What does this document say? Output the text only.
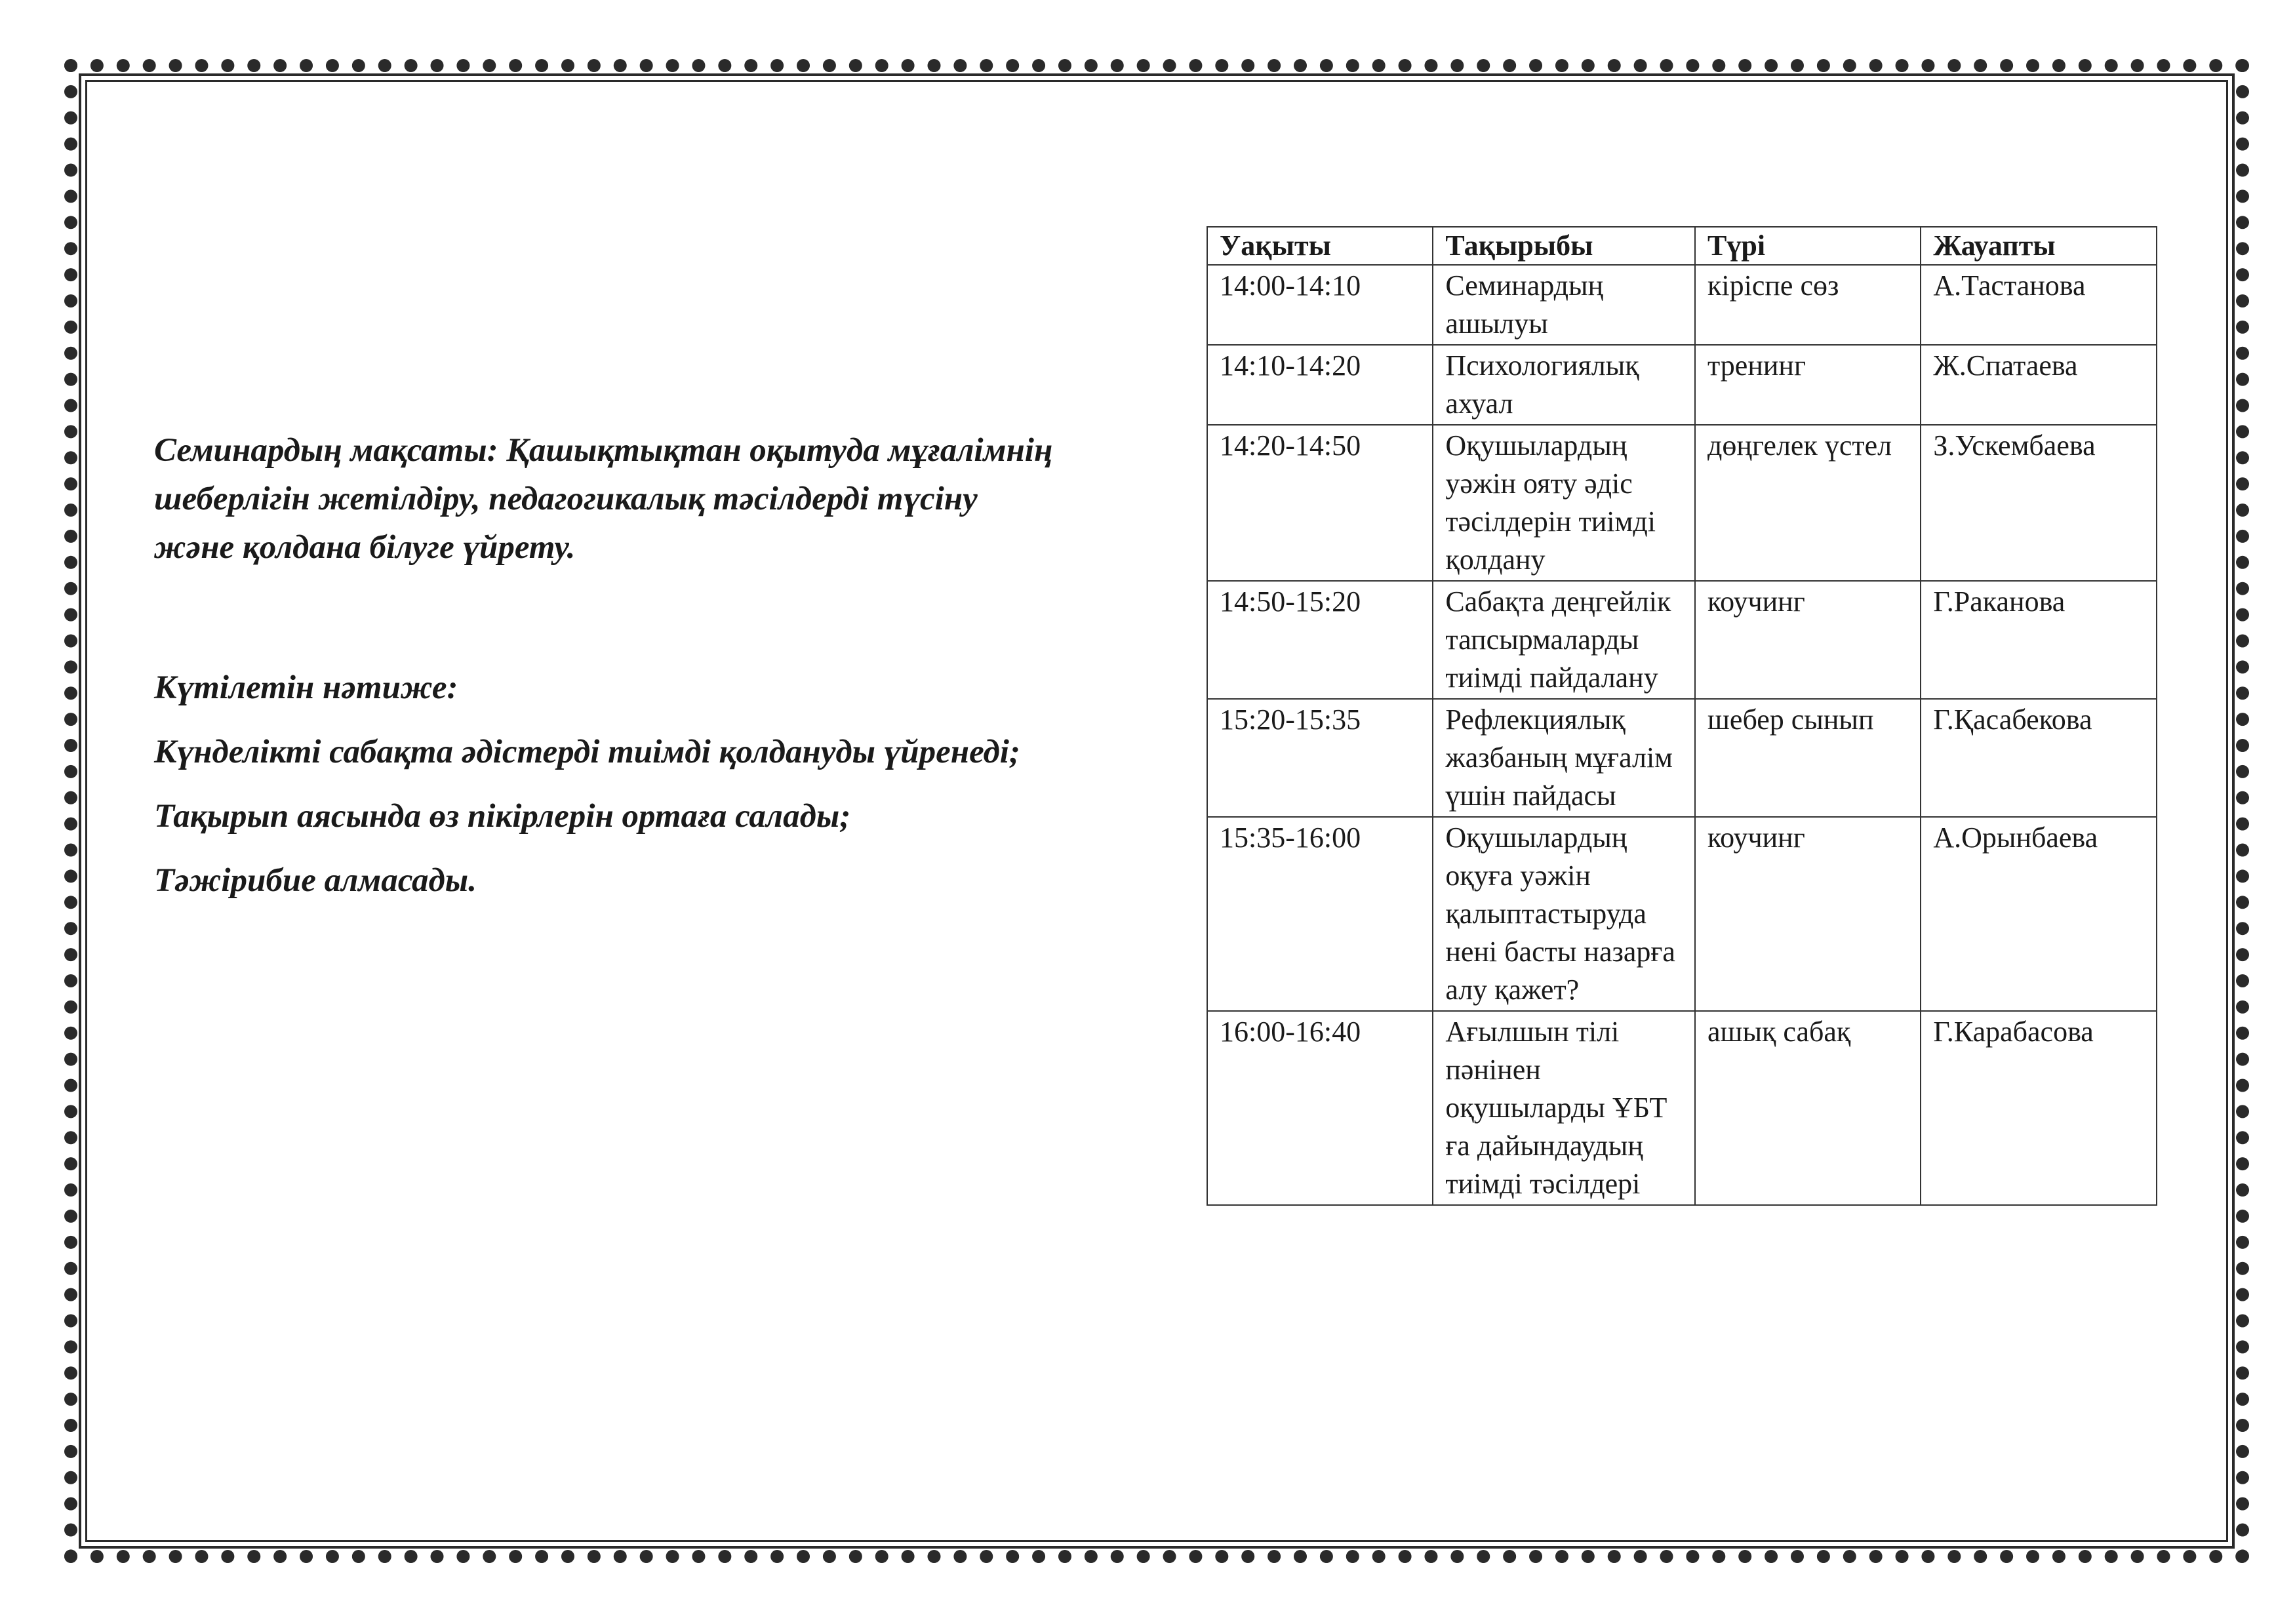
Семинардың мақсаты: Қашықтықтан оқытуда мұғалімнің шеберлігін жетілдіру, педагогикалық тәсілдерді түсіну және қолдана білуге үйрету.

Күтілетін нәтиже:

Күнделікті сабақта әдістерді тиімді қолдануды үйренеді;

Тақырып аясында өз пікірлерін ортаға салады;

Тәжірибие алмасады.

Уақыты	Тақырыбы	Түрі	Жауапты
14:00-14:10	Семинардың ашылуы	кіріспе сөз	А.Тастанова
14:10-14:20	Психологиялық ахуал	тренинг	Ж.Спатаева
14:20-14:50	Оқушылардың уәжін ояту әдіс тәсілдерін тиімді қолдану	дөңгелек үстел	З.Ускембаева
14:50-15:20	Сабақта деңгейлік тапсырмаларды тиімді пайдалану	коучинг	Г.Раканова
15:20-15:35	Рефлекциялық жазбаның мұғалім үшін пайдасы	шебер сынып	Г.Қасабекова
15:35-16:00	Оқушылардың оқуға уәжін қалыптастыруда нені басты назарға алу қажет?	коучинг	А.Орынбаева
16:00-16:40	Ағылшын тілі пәнінен оқушыларды ҰБТ ға дайындаудың тиімді тәсілдері	ашық сабақ	Г.Карабасова
